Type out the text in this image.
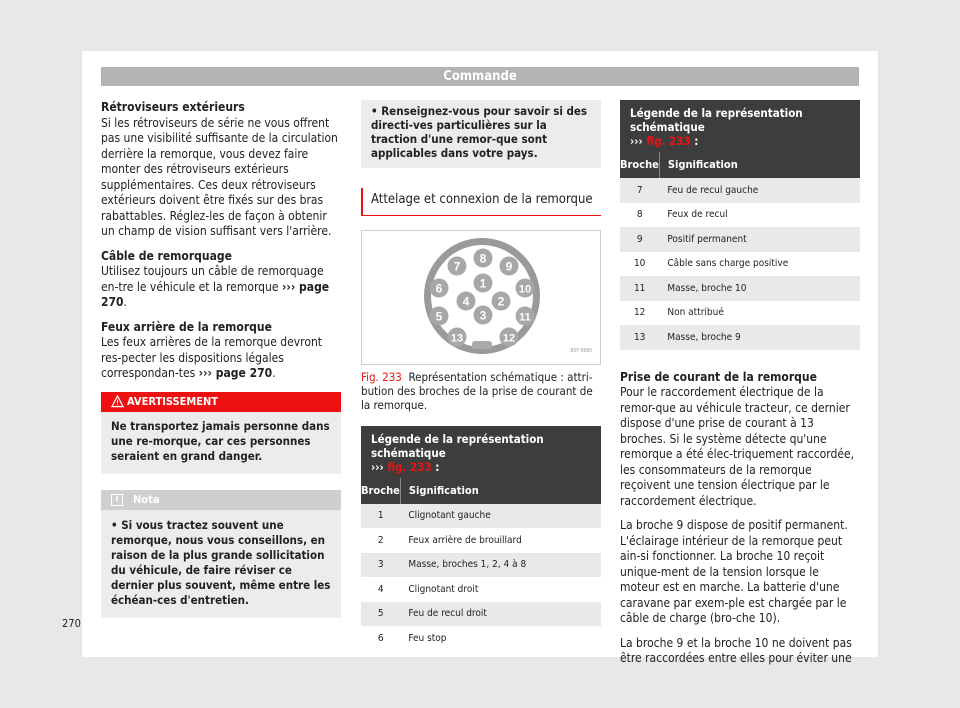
Commande
Rétroviseurs extérieurs

Si les rétroviseurs de série ne vous offrent pas une visibilité suffisante de la circulation derrière la remorque, vous devez faire monter des rétroviseurs extérieurs supplémentaires. Ces deux rétroviseurs extérieurs doivent être fixés sur des bras rabattables. Réglez-les de façon à obtenir un champ de vision suffisant vers l'arrière.

Câble de remorquage

Utilisez toujours un câble de remorquage en-tre le véhicule et la remorque ››› page 270.

Feux arrière de la remorque

Les feux arrières de la remorque devront res-pecter les dispositions légales correspondan-tes ››› page 270.

AVERTISSEMENT
Ne transportez jamais personne dans une re-morque, car ces personnes seraient en grand danger.
i	Nota
• Si vous tractez souvent une remorque, nous vous conseillons, en raison de la plus grande sollicitation du véhicule, de faire réviser ce dernier plus souvent, même entre les échéan-ces d'entretien.
• Renseignez-vous pour savoir si des directi-ves particulières sur la traction d'une remor-que sont applicables dans votre pays.
Attelage et connexion de la remorque
1
2
3
4
5
6
7
8
9
10
11
12
13
B5F-0680
Fig. 233 Représentation schématique : attri-bution des broches de la prise de courant de la remorque.
Légende de la représentation schématique
››› fig. 233 :
Broche	Signification
1	Clignotant gauche
2	Feux arrière de brouillard
3	Masse, broches 1, 2, 4 à 8
4	Clignotant droit
5	Feu de recul droit
6	Feu stop
Légende de la représentation schématique
››› fig. 233 :
Broche	Signification
7	Feu de recul gauche
8	Feux de recul
9	Positif permanent
10	Câble sans charge positive
11	Masse, broche 10
12	Non attribué
13	Masse, broche 9
Prise de courant de la remorque

Pour le raccordement électrique de la remor-que au véhicule tracteur, ce dernier dispose d'une prise de courant à 13 broches. Si le système détecte qu'une remorque a été élec-triquement raccordée, les consommateurs de la remorque reçoivent une tension électrique par le raccordement électrique.

La broche 9 dispose de positif permanent. L'éclairage intérieur de la remorque peut ain-si fonctionner. La broche 10 reçoit unique-ment de la tension lorsque le moteur est en marche. La batterie d'une caravane par exem-ple est chargée par le câble de charge (bro-che 10).

La broche 9 et la broche 10 ne doivent pas être raccordées entre elles pour éviter une

270
